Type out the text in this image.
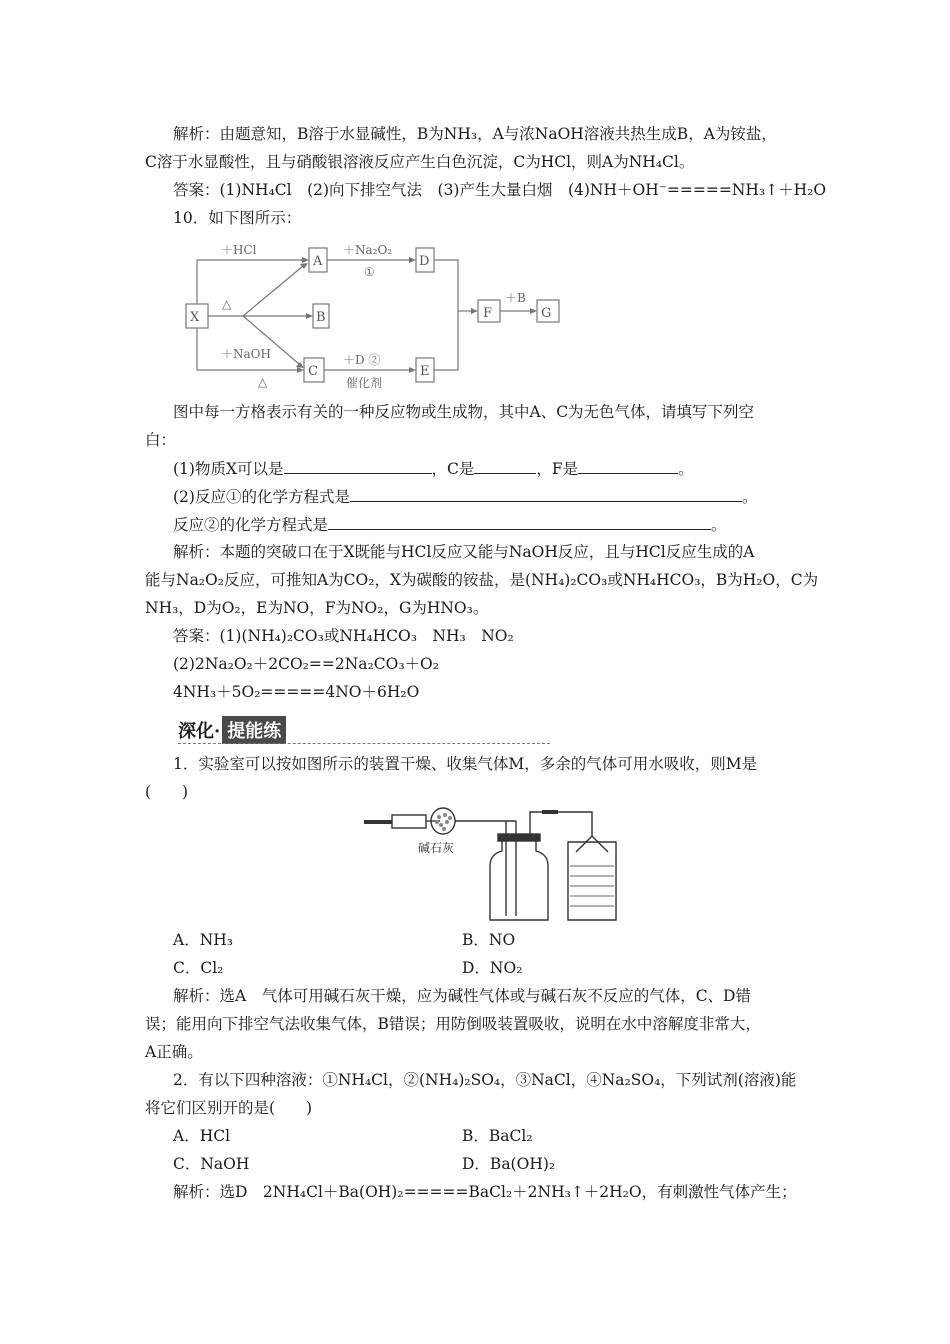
解析：由题意知，B溶于水显碱性，B为NH₃，A与浓NaOH溶液共热生成B，A为铵盐，
C溶于水显酸性，且与硝酸银溶液反应产生白色沉淀，C为HCl，则A为NH₄Cl。
答案：(1)NH₄Cl　(2)向下排空气法　(3)产生大量白烟　(4)NH＋OH⁻=====NH₃↑＋H₂O
10．如下图所示：
X
A
B
C
D
E
F	G
＋HCl	＋Na₂O₂
①
△
＋NaOH
△
＋D ②
催化剂
＋B
图中每一方格表示有关的一种反应物或生成物，其中A、C为无色气体，请填写下列空
白：
(1)物质X可以是	，C是	，F是	。
(2)反应①的化学方程式是	。
反应②的化学方程式是	。
解析：本题的突破口在于X既能与HCl反应又能与NaOH反应，且与HCl反应生成的A
能与Na₂O₂反应，可推知A为CO₂，X为碳酸的铵盐，是(NH₄)₂CO₃或NH₄HCO₃，B为H₂O，C为
NH₃，D为O₂，E为NO，F为NO₂，G为HNO₃。
答案：(1)(NH₄)₂CO₃或NH₄HCO₃　NH₃　NO₂
(2)2Na₂O₂＋2CO₂==2Na₂CO₃＋O₂
4NH₃＋5O₂=====4NO＋6H₂O
深化· 提能练
1．实验室可以按如图所示的装置干燥、收集气体M，多余的气体可用水吸收，则M是
(　　)
碱石灰
A．NH₃	B．NO
C．Cl₂	D．NO₂
解析：选A　气体可用碱石灰干燥，应为碱性气体或与碱石灰不反应的气体，C、D错
误；能用向下排空气法收集气体，B错误；用防倒吸装置吸收，说明在水中溶解度非常大，
A正确。
2．有以下四种溶液：①NH₄Cl，②(NH₄)₂SO₄，③NaCl，④Na₂SO₄，下列试剂(溶液)能
将它们区别开的是(　　)
A．HCl	B．BaCl₂
C．NaOH	D．Ba(OH)₂
解析：选D　2NH₄Cl＋Ba(OH)₂=====BaCl₂＋2NH₃↑＋2H₂O，有刺激性气体产生；
